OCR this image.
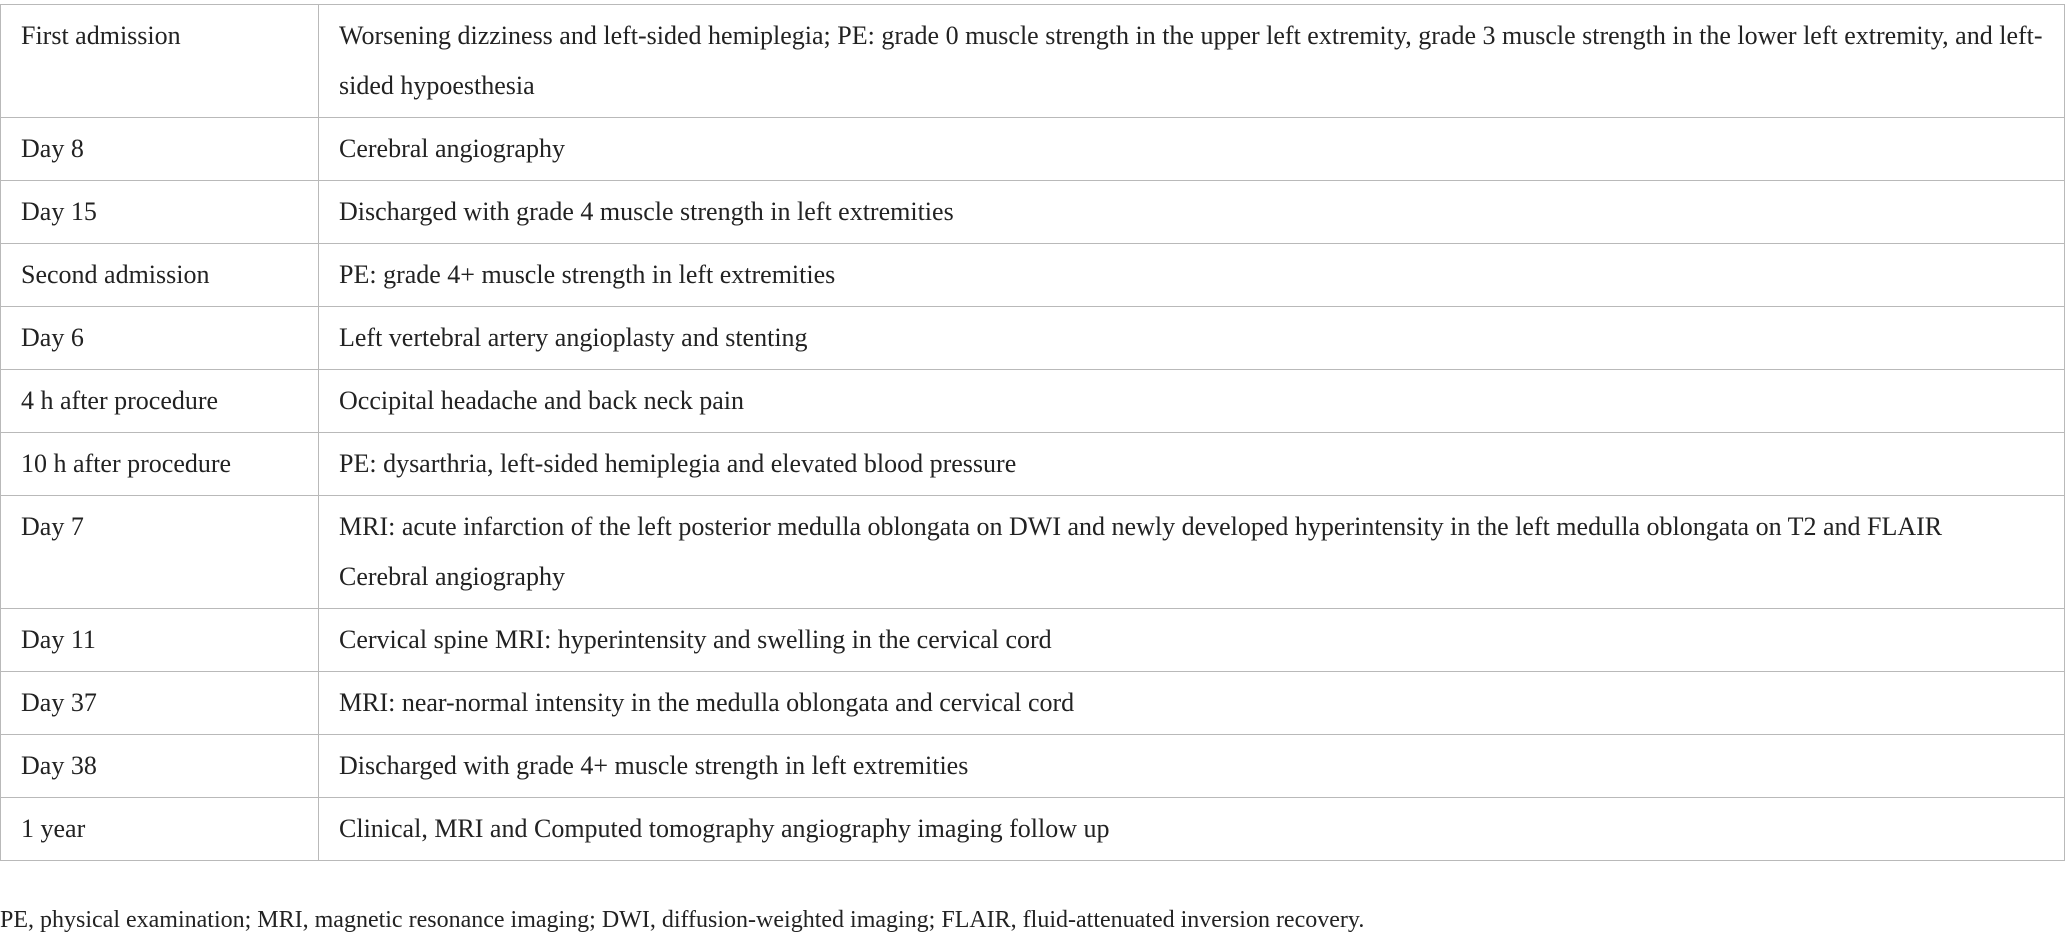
First admission	Worsening dizziness and left-sided hemiplegia; PE: grade 0 muscle strength in the upper left extremity, grade 3 muscle strength in the lower left extremity, and left-sided hypoesthesia

Day 8	Cerebral angiography

Day 15	Discharged with grade 4 muscle strength in left extremities

Second admission	PE: grade 4+ muscle strength in left extremities

Day 6	Left vertebral artery angioplasty and stenting

4 h after procedure	Occipital headache and back neck pain

10 h after procedure	PE: dysarthria, left-sided hemiplegia and elevated blood pressure

Day 7	MRI: acute infarction of the left posterior medulla oblongata on DWI and newly developed hyperintensity in the left medulla oblongata on T2 and FLAIR
Cerebral angiography

Day 11	Cervical spine MRI: hyperintensity and swelling in the cervical cord

Day 37	MRI: near-normal intensity in the medulla oblongata and cervical cord

Day 38	Discharged with grade 4+ muscle strength in left extremities

1 year	Clinical, MRI and Computed tomography angiography imaging follow up
PE, physical examination; MRI, magnetic resonance imaging; DWI, diffusion-weighted imaging; FLAIR, fluid-attenuated inversion recovery.
